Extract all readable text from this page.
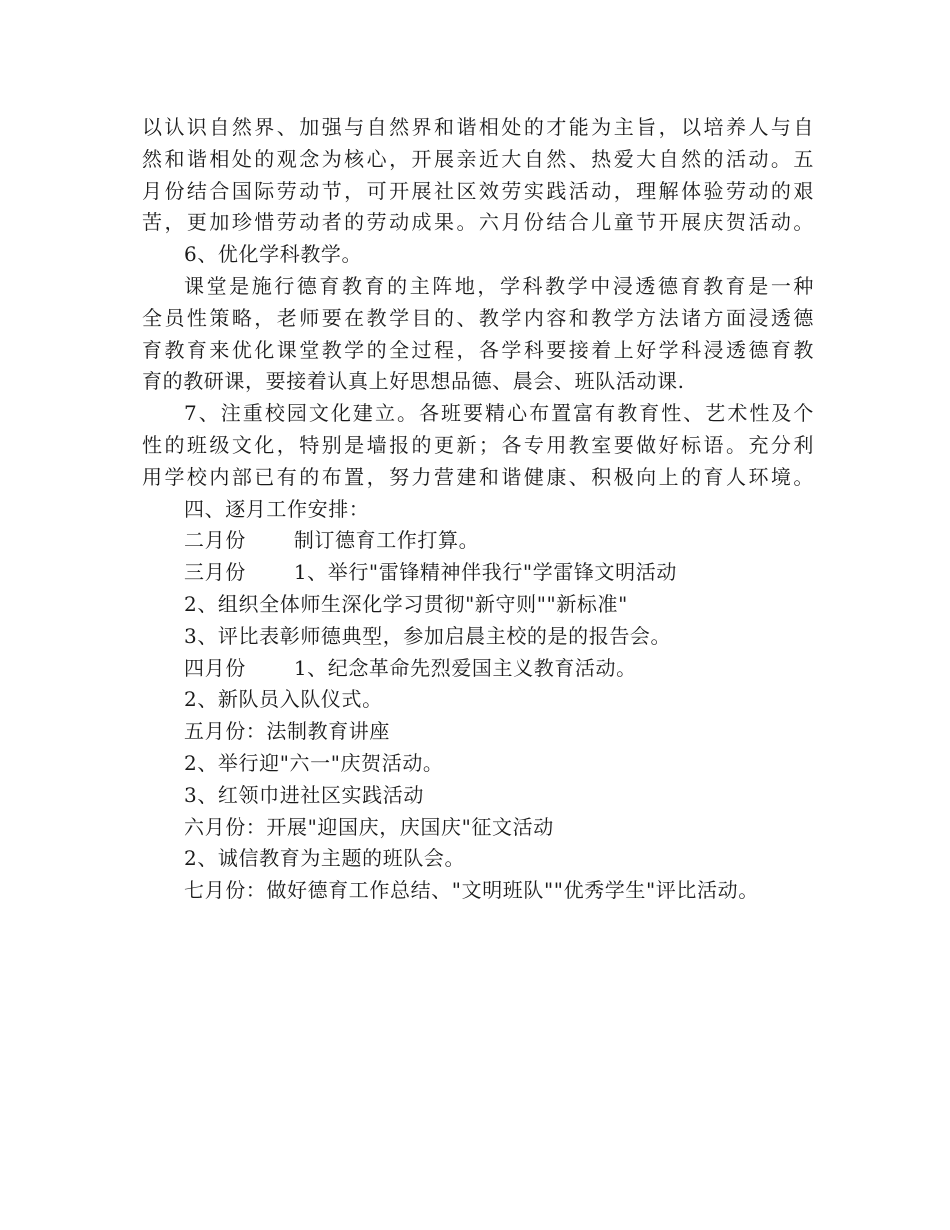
以认识自然界、加强与自然界和谐相处的才能为主旨，以培养人与自
然和谐相处的观念为核心，开展亲近大自然、热爱大自然的活动。五
月份结合国际劳动节，可开展社区效劳实践活动，理解体验劳动的艰
苦，更加珍惜劳动者的劳动成果。六月份结合儿童节开展庆贺活动。
6、优化学科教学。
课堂是施行德育教育的主阵地，学科教学中浸透德育教育是一种
全员性策略，老师要在教学目的、教学内容和教学方法诸方面浸透德
育教育来优化课堂教学的全过程，各学科要接着上好学科浸透德育教
育的教研课，要接着认真上好思想品德、晨会、班队活动课.
7、注重校园文化建立。各班要精心布置富有教育性、艺术性及个
性的班级文化，特别是墙报的更新；各专用教室要做好标语。充分利
用学校内部已有的布置，努力营建和谐健康、积极向上的育人环境。
四、逐月工作安排：
二月份 制订德育工作打算。
三月份 1、举行"雷锋精神伴我行"学雷锋文明活动
2、组织全体师生深化学习贯彻"新守则""新标准"
3、评比表彰师德典型，参加启晨主校的是的报告会。
四月份 1、纪念革命先烈爱国主义教育活动。
2、新队员入队仪式。
五月份：法制教育讲座
2、举行迎"六一"庆贺活动。
3、红领巾进社区实践活动
六月份：开展"迎国庆，庆国庆"征文活动
2、诚信教育为主题的班队会。
七月份：做好德育工作总结、"文明班队""优秀学生"评比活动。
